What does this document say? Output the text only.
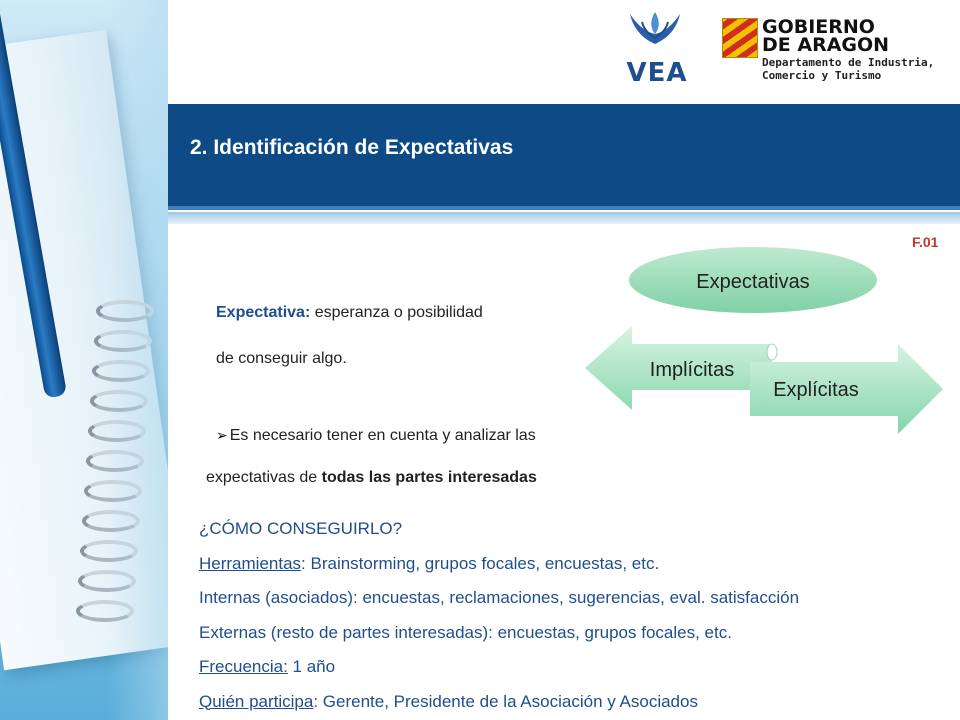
VEA
GOBIERNO
DE ARAGON
Departamento de Industria,
Comercio y Turismo
2. Identificación de Expectativas
F.01
Expectativa: esperanza o posibilidad
de conseguir algo.
➢ Es necesario tener en cuenta y analizar las
expectativas de todas las partes interesadas
Expectativas
Implícitas
Explícitas
¿CÓMO CONSEGUIRLO?
Herramientas: Brainstorming, grupos focales, encuestas, etc.
Internas (asociados): encuestas, reclamaciones, sugerencias, eval. satisfacción
Externas (resto de partes interesadas): encuestas, grupos focales, etc.
Frecuencia: 1 año
Quién participa: Gerente, Presidente de la Asociación y Asociados
